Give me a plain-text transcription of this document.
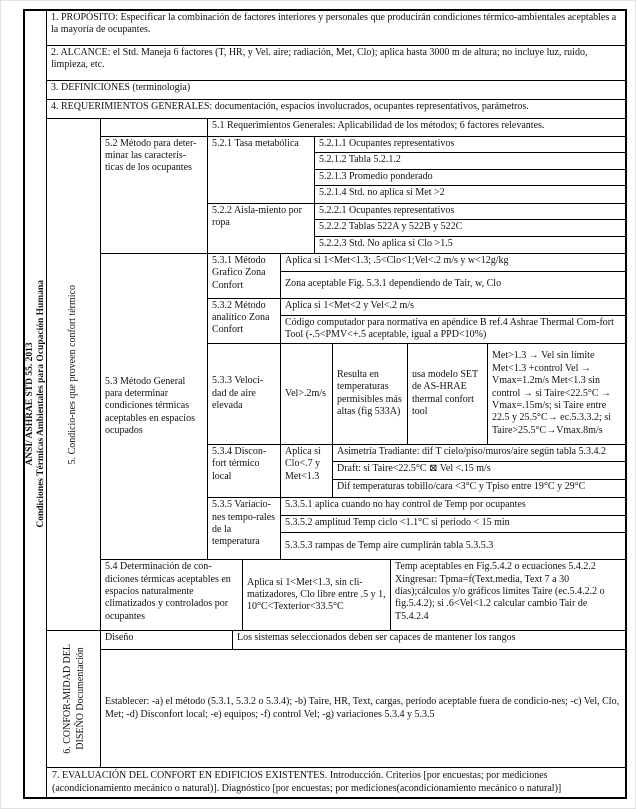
ANSI/ ASHRAE STD 55. 2013 Condiciones Térmicas Ambientales para Ocupación Humana
1. PROPÓSITO: Especificar la combinación de factores interiores y personales que producirán condiciones térmico-ambientales aceptables a la mayoría de ocupantes.
2. ALCANCE: el Std. Maneja 6 factores (T, HR, y Vel. aire; radiación, Met, Clo); aplica hasta 3000 m de altura; no incluye luz, ruido, limpieza, etc.
3. DEFINICIONES (terminología)
4. REQUERIMIENTOS GENERALES: documentación, espacios involucrados, ocupantes representativos, parámetros.
5. Condicio-nes que proveen confort térmico
5.1 Requerimientos Generales: Aplicabilidad de los métodos; 6 factores relevantes.
5.2 Método para deter-minar las caracterís-ticas de los ocupantes
5.2.1 Tasa metabólica	5.2.1.1 Ocupantes representativos
5.2.1.2 Tabla 5.2.1.2
5.2.1.3 Promedio ponderado
5.2.1.4 Std. no aplica si Met >2
5.2.2 Aisla-miento por ropa
5.2.2.1 Ocupantes representativos
5.2.2.2 Tablas 522A y 522B y 522C
5.2.2.3 Std. No aplica si Clo >1.5
5.3 Método General para determinar condiciones térmicas aceptables en espacios ocupados
5.3.1 Método Grafico Zona Confort
Aplica si 1<Met<1.3; .5<Clo<1;Vel<.2 m/s y w<12g/kg
Zona aceptable Fig. 5.3.1 dependiendo de Tair, w, Clo
5.3.2 Método analítico Zona Confort
Aplica si 1<Met<2 y Vel<.2 m/s
Código computador para normativa en apéndice B ref.4 Ashrae Thermal Com-fort Tool (-.5<PMV<+.5 aceptable, igual a PPD<10%)
5.3.3 Veloci-dad de aire elevada
Vel>.2m/s
Resulta en temperaturas permisibles más altas (fig 533A)
usa modelo SET de AS-HRAE thermal confort tool
Met>1.3 → Vel sin límite Met<1.3 +control Vel → Vmax=1.2m/s Met<1.3 sin control → si Taire<22.5°C → Vmax=.15m/s; si Taire entre 22.5 y 25.5°C→ ec.5.3.3.2; si Taire>25.5°C→Vmax.8m/s
5.3.4 Discon-fort térmico local
Aplica si Clo<.7 y Met<1.3
Asimetría Tradiante: dif T cielo/piso/muros/aire según tabla 5.3.4.2
Draft: si Taire<22.5°C ⊠ Vel <.15 m/s
Dif temperaturas tobillo/cara <3°C y Tpiso entre 19°C y 29°C
5.3.5 Variacio-nes tempo-rales de la temperatura
5.3.5.1 aplica cuando no hay control de Temp por ocupantes
5.3.5.2 amplitud Temp ciclo <1.1°C si periodo < 15 min
5.3.5.3 rampas de Temp aire cumplirán tabla 5.3.5.3
5.4 Determinación de con-diciones térmicas aceptables en espacios naturalmente climatizados y controlados por ocupantes
Aplica si 1<Met<1.3, sin cli-matizadores, Clo libre entre .5 y 1, 10°C<Texterior<33.5°C
Temp aceptables en Fig.5.4.2 o ecuaciones 5.4.2.2 Xingresar: Tpma=f(Text.media, Text 7 a 30 días);cálculos y/o gráficos límites Taire (ec.5.4.2.2 o fig.5.4.2); si .6<Vel<1.2 calcular cambio Tair de T5.4.2.4
6. CONFOR-MIDAD DEL DISEÑO Documentación
Diseño	Los sistemas seleccionados deben ser capaces de mantener los rangos
Establecer: -a) el método (5.3.1, 5.3.2 o 5.3.4); -b) Taire, HR, Text, cargas, período aceptable fuera de condicio-nes; -c) Vel, Clo, Met; -d) Disconfort local; -e) equipos; -f) control Vel; -g) variaciones 5.3.4 y 5.3.5
7. EVALUACIÓN DEL CONFORT EN EDIFICIOS EXISTENTES. Introducción. Criterios [por encuestas; por mediciones (acondicionamiento mecánico o natural)]. Diagnóstico [por encuestas; por mediciones(acondicionamiento mecánico o natural)]
